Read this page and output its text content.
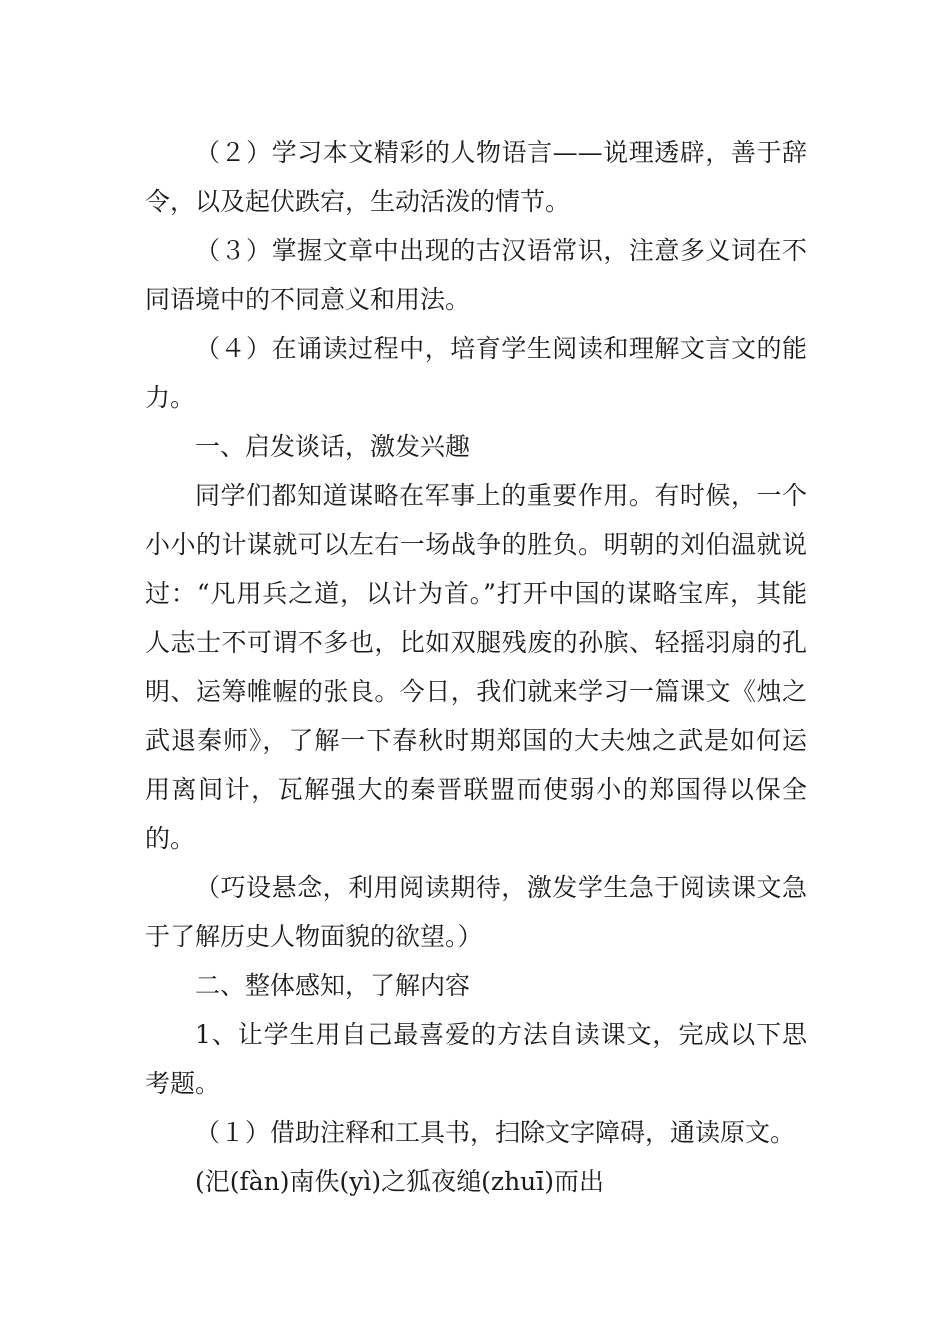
（２）学习本文精彩的人物语言——说理透辟，善于辞令，以及起伏跌宕，生动活泼的情节。

（３）掌握文章中出现的古汉语常识，注意多义词在不同语境中的不同意义和用法。

（４）在诵读过程中，培育学生阅读和理解文言文的能力。

一、启发谈话，激发兴趣

同学们都知道谋略在军事上的重要作用。有时候，一个小小的计谋就可以左右一场战争的胜负。明朝的刘伯温就说过：“凡用兵之道，以计为首。”打开中国的谋略宝库，其能人志士不可谓不多也，比如双腿残废的孙膑、轻摇羽扇的孔明、运筹帷幄的张良。今日，我们就来学习一篇课文《烛之武退秦师》，了解一下春秋时期郑国的大夫烛之武是如何运用离间计，瓦解强大的秦晋联盟而使弱小的郑国得以保全的。

（巧设悬念，利用阅读期待，激发学生急于阅读课文急于了解历史人物面貌的欲望。）

二、整体感知，了解内容

1、让学生用自己最喜爱的方法自读课文，完成以下思考题。

（１）借助注释和工具书，扫除文字障碍，通读原文。

(汜(fàn)南佚(yì)之狐夜缒(zhuī)而出
